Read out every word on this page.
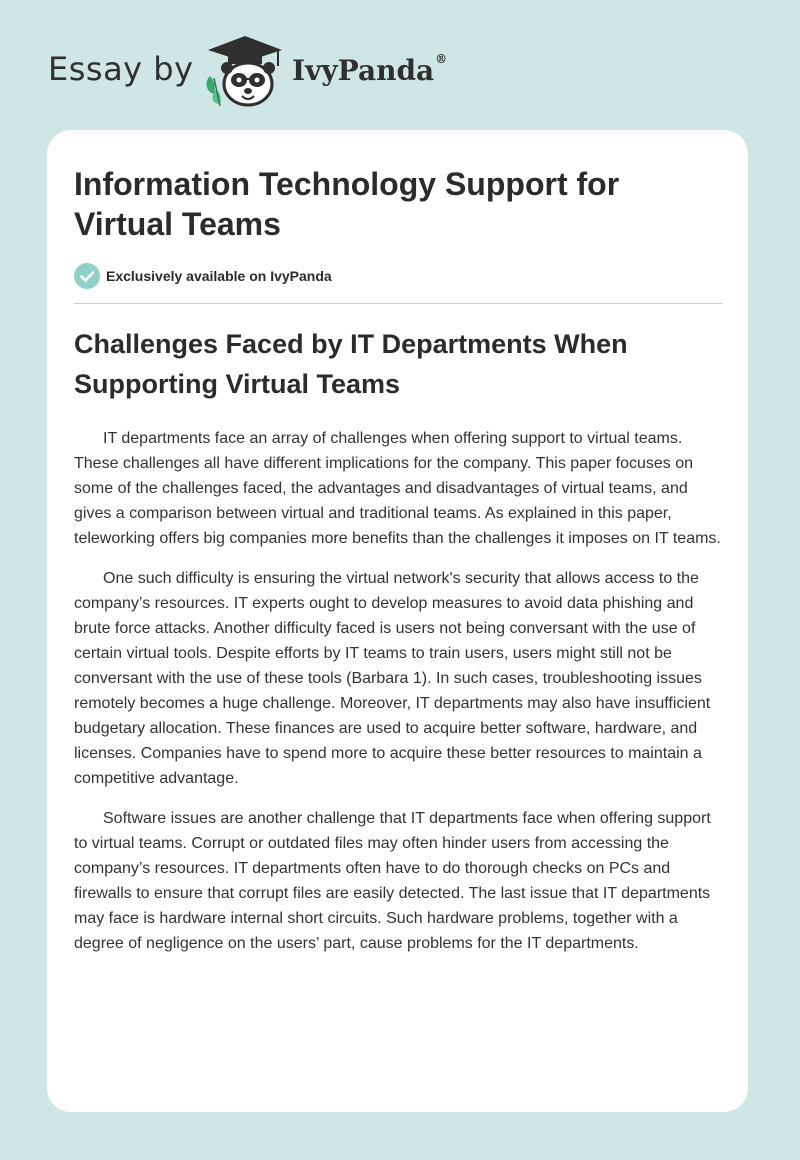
Essay by	IvyPanda®
Information Technology Support for Virtual Teams
Exclusively available on IvyPanda
Challenges Faced by IT Departments When Supporting Virtual Teams

IT departments face an array of challenges when offering support to virtual teams. These challenges all have different implications for the company. This paper focuses on some of the challenges faced, the advantages and disadvantages of virtual teams, and gives a comparison between virtual and traditional teams. As explained in this paper, teleworking offers big companies more benefits than the challenges it imposes on IT teams.

One such difficulty is ensuring the virtual network's security that allows access to the company’s resources. IT experts ought to develop measures to avoid data phishing and brute force attacks. Another difficulty faced is users not being conversant with the use of certain virtual tools. Despite efforts by IT teams to train users, users might still not be conversant with the use of these tools (Barbara 1). In such cases, troubleshooting issues remotely becomes a huge challenge. Moreover, IT departments may also have insufficient budgetary allocation. These finances are used to acquire better software, hardware, and licenses. Companies have to spend more to acquire these better resources to maintain a competitive advantage.

Software issues are another challenge that IT departments face when offering support to virtual teams. Corrupt or outdated files may often hinder users from accessing the company’s resources. IT departments often have to do thorough checks on PCs and firewalls to ensure that corrupt files are easily detected. The last issue that IT departments may face is hardware internal short circuits. Such hardware problems, together with a degree of negligence on the users’ part, cause problems for the IT departments.
